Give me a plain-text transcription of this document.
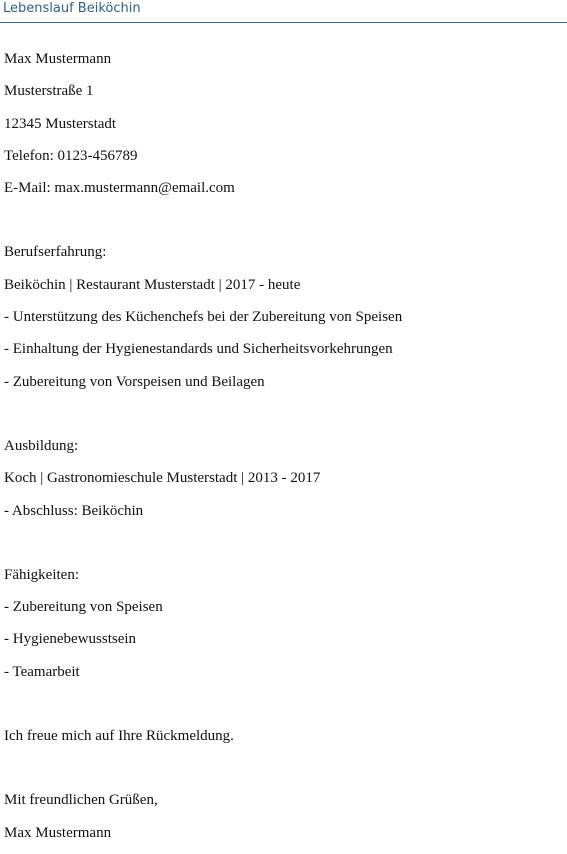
Lebenslauf Beiköchin
Max Mustermann
Musterstraße 1
12345 Musterstadt
Telefon: 0123-456789
E-Mail: max.mustermann@email.com
Berufserfahrung:
Beiköchin | Restaurant Musterstadt | 2017 - heute
- Unterstützung des Küchenchefs bei der Zubereitung von Speisen
- Einhaltung der Hygienestandards und Sicherheitsvorkehrungen
- Zubereitung von Vorspeisen und Beilagen
Ausbildung:
Koch | Gastronomieschule Musterstadt | 2013 - 2017
- Abschluss: Beiköchin
Fähigkeiten:
- Zubereitung von Speisen
- Hygienebewusstsein
- Teamarbeit
Ich freue mich auf Ihre Rückmeldung.
Mit freundlichen Grüßen,
Max Mustermann
